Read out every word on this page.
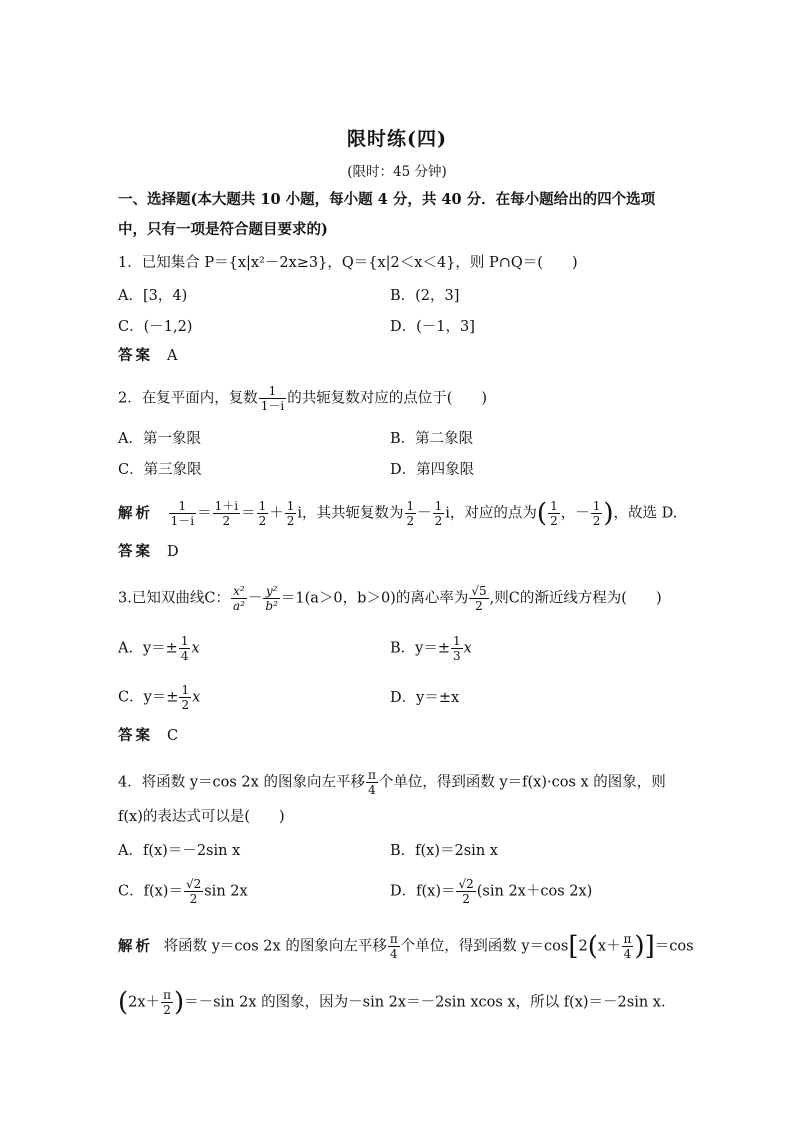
限时练(四)
(限时：45 分钟)
一、选择题(本大题共 10 小题，每小题 4 分，共 40 分．在每小题给出的四个选项
中，只有一项是符合题目要求的)
1．已知集合 P＝{x|x²－2x≥3}，Q＝{x|2＜x＜4}，则 P∩Q＝(　　)
A．[3，4)	B．(2，3]
C．(－1,2)	D．(－1，3]
答案 A
2．在复平面内，复数 $\frac{1}{1-i}$ 的共轭复数对应的点位于(　　)
A．第一象限	B．第二象限
C．第三象限	D．第四象限
解析 $\frac{1}{1-i} = \frac{1+i}{2} = \frac{1}{2} + \frac{1}{2}$ i，其共轭复数为 $\frac{1}{2} - \frac{1}{2}$ i，对应的点为( $\frac{1}{2}$ ，－ $\frac{1}{2}$ )，故选 D.
答案 D
3.已知双曲线C： $\frac{\text{x²}}{\text{a²}} - \frac{\text{y²}}{\text{b²}} =1(a>0$，b＞0)的离心率为 $\frac{√5}{2}$ ,则C的渐近线方程为(　　)
A．$y=\pm \frac{1}{4}$ x	B．$y=\pm \frac{1}{3}$ x
C．$y=\pm \frac{1}{2}$ x	D．y＝±x
答案 C
4．将函数 y＝cos 2x 的图象向左平移 $\frac{\pi}{4}$ 个单位，得到函数 y＝f(x)·cos x 的图象，则
f(x)的表达式可以是(　　)
A．f(x)＝－2sin x	B．f(x)＝2sin x
C．$f(x)= \frac{√2}{2}$ sin 2x	D．$f(x)= \frac{√2}{2} (\sin$ 2x＋cos 2x)
解析 将函数 y＝cos 2x 的图象向左平移 $\frac{\pi}{4}$ 个单位，得到函数 $y=\cos[2(x+ \frac{\pi}{4} )]=\cos$
$(2x+ \frac{\pi}{2} )=-\sin$ 2x 的图象，因为－sin 2x＝－2sin xcos x，所以 f(x)＝－2sin x.
